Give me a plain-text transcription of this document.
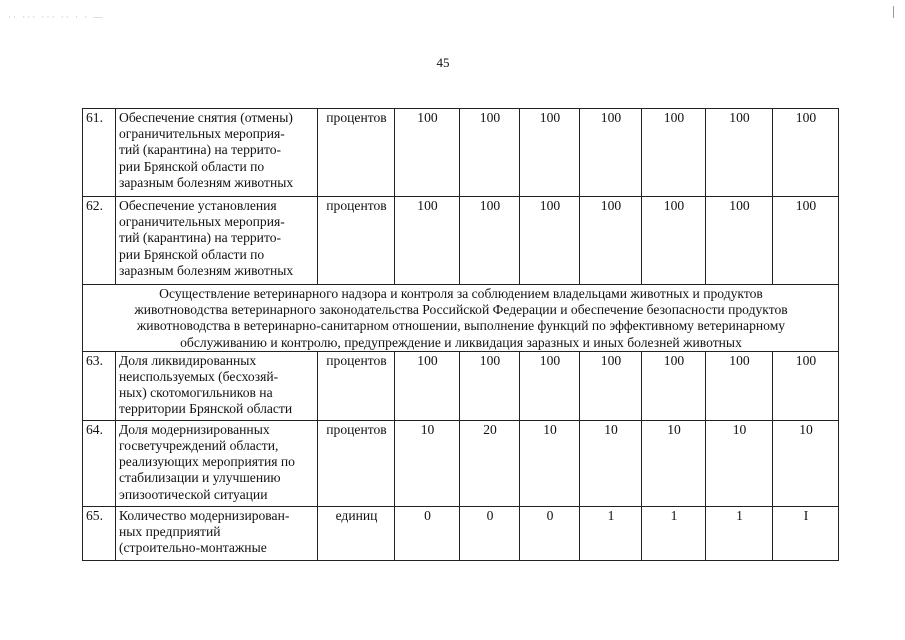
·· ··· ··· ·· · · —
45
61.	Обеспечение снятия (отмены)
ограничительных мероприя-
тий (карантина) на террито-
рии Брянской области по
заразным болезням животных	процентов	100	100	100	100	100	100	100
62.	Обеспечение установления
ограничительных мероприя-
тий (карантина) на террито-
рии Брянской области по
заразным болезням животных	процентов	100	100	100	100	100	100	100

Осуществление ветеринарного надзора и контроля за соблюдением владельцами животных и продуктов
животноводства ветеринарного законодательства Российской Федерации и обеспечение безопасности продуктов
животноводства в ветеринарно-санитарном отношении, выполнение функций по эффективному ветеринарному
обслуживанию и контролю, предупреждение и ликвидация заразных и иных болезней животных									

63.	Доля ликвидированных
неиспользуемых (бесхозяй-
ных) скотомогильников на
территории Брянской области	процентов	100	100	100	100	100	100	100
64.	Доля модернизированных
госветучреждений области,
реализующих мероприятия по
стабилизации и улучшению
эпизоотической ситуации	процентов	10	20	10	10	10	10	10
65.	Количество модернизирован-
ных предприятий
(строительно-монтажные	единиц	0	0	0	1	1	1	I
